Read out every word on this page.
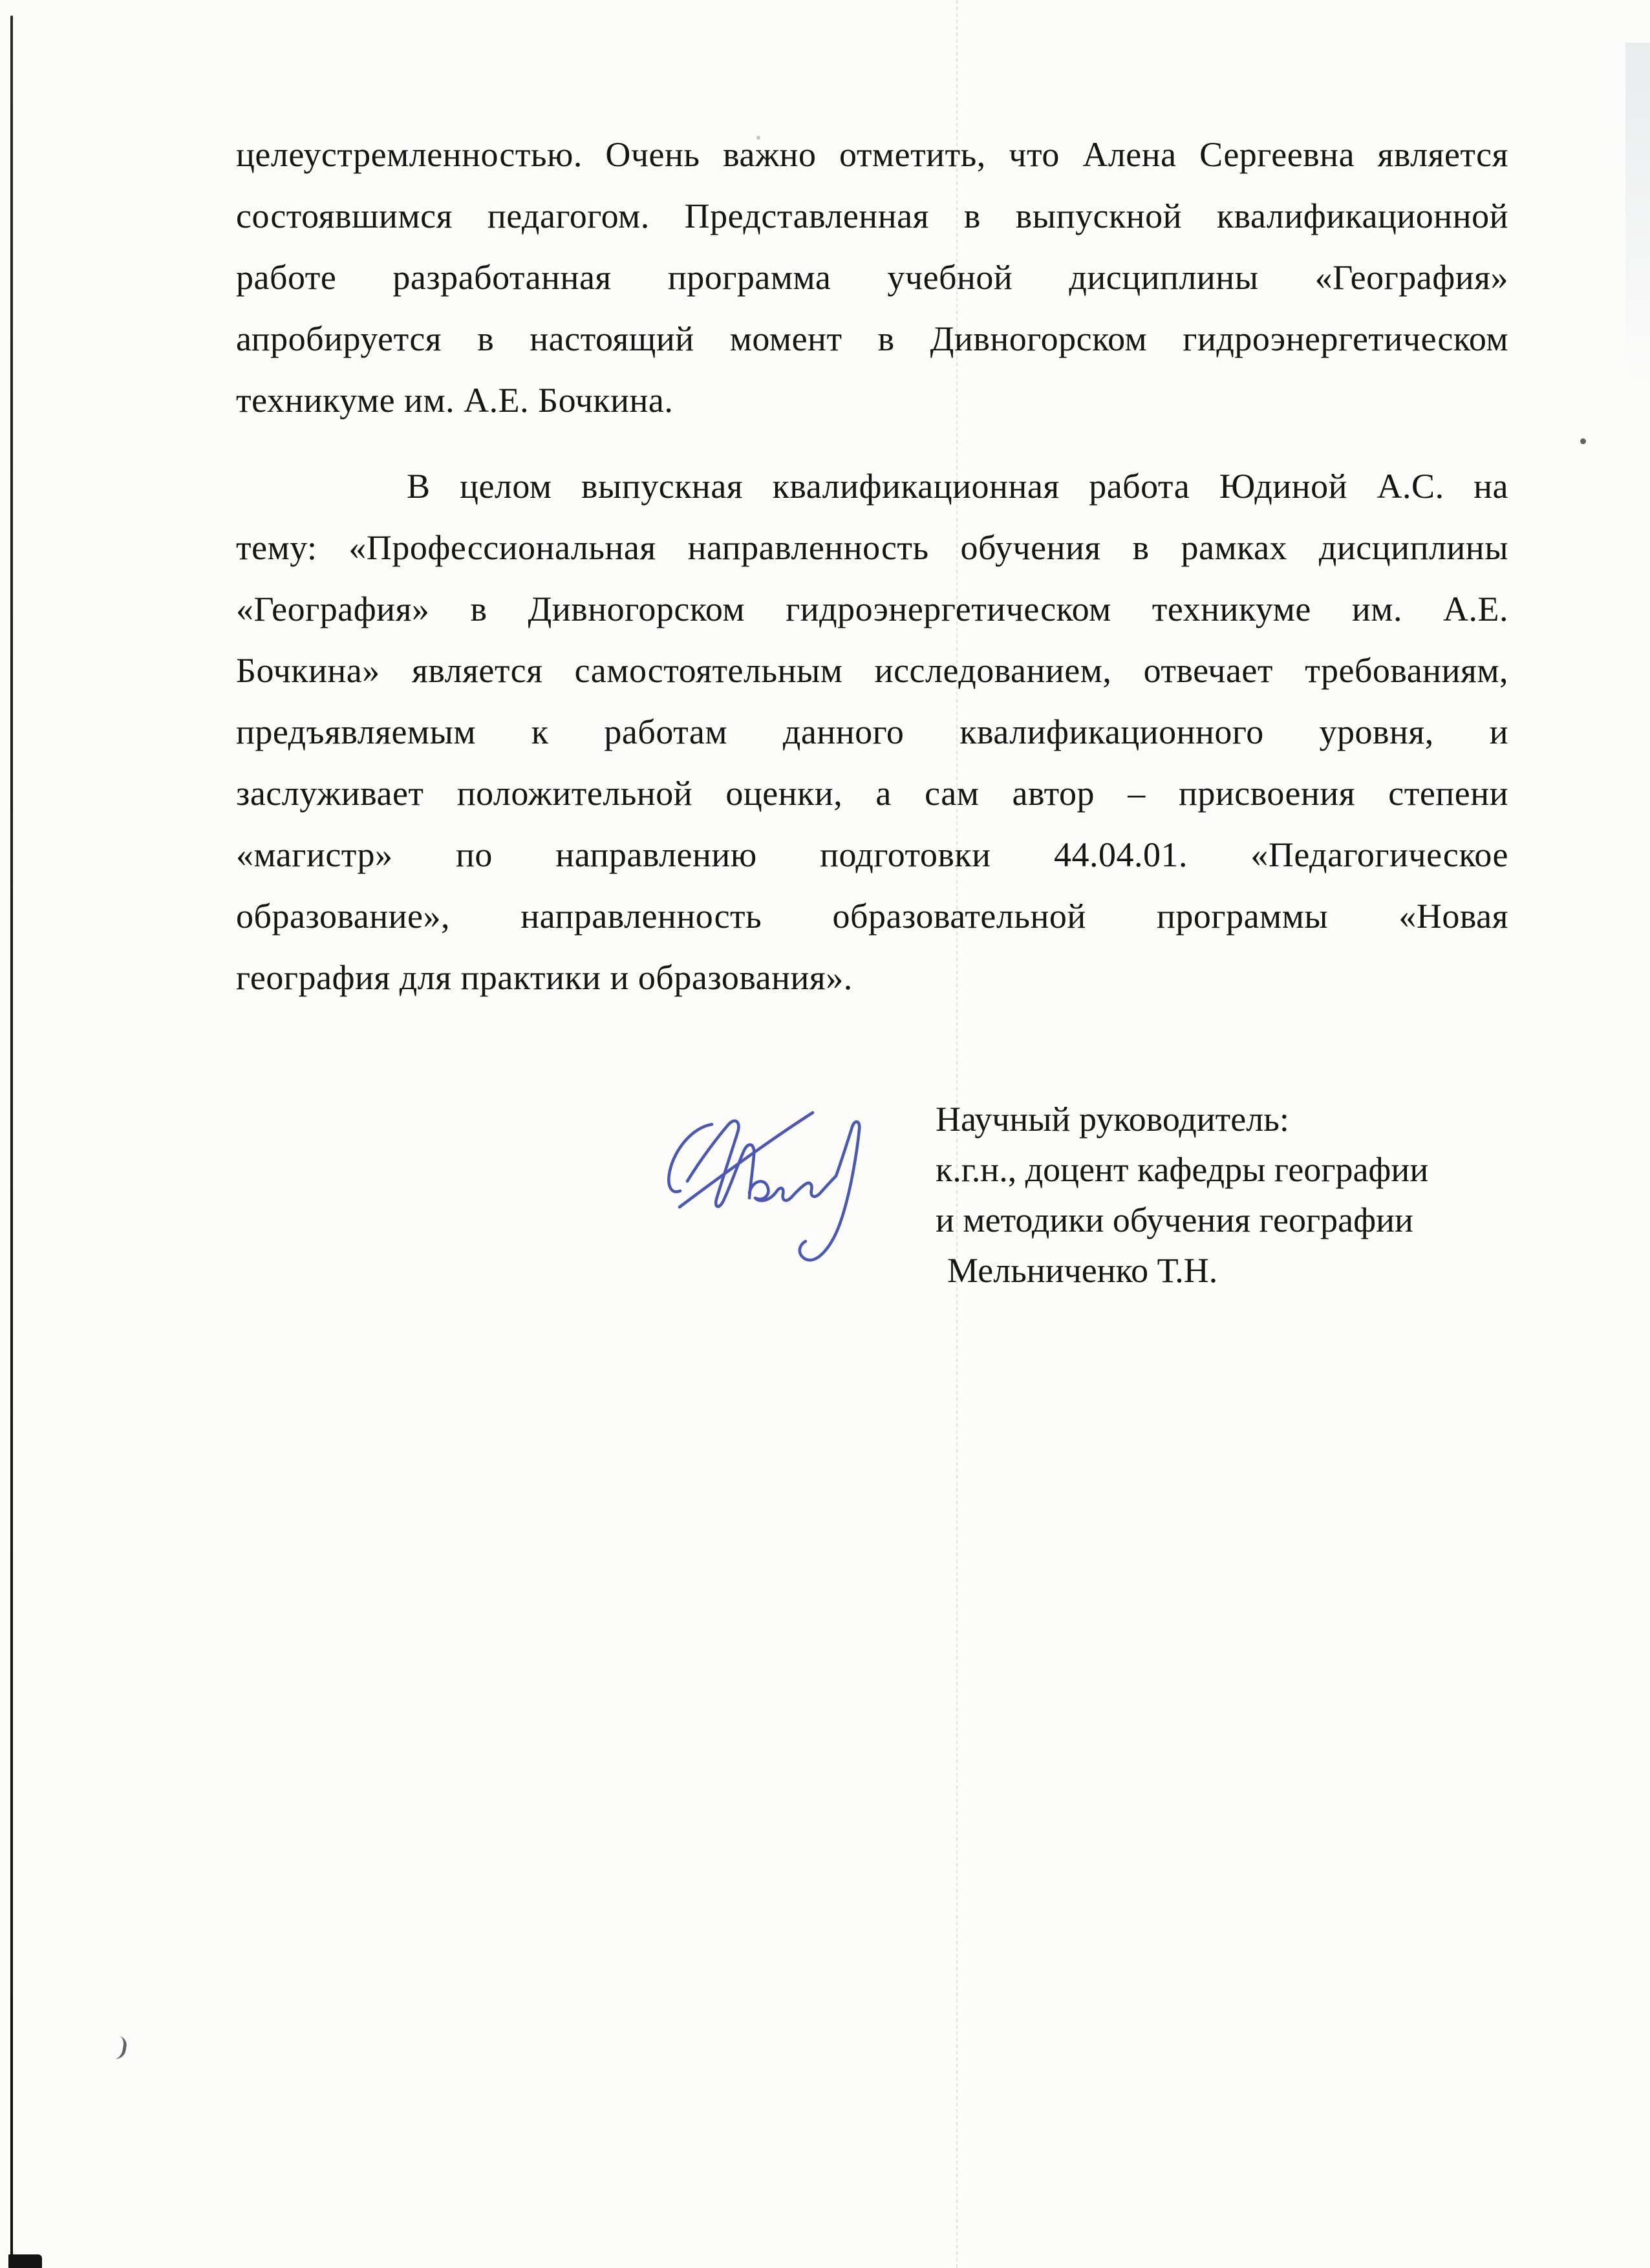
целеустремленностью. Очень важно отметить, что Алена Сергеевна является
состоявшимся педагогом. Представленная в выпускной квалификационной
работе разработанная программа учебной дисциплины «География»
апробируется в настоящий момент в Дивногорском гидроэнергетическом
техникуме им. А.Е. Бочкина.
В целом выпускная квалификационная работа Юдиной А.С. на
тему: «Профессиональная направленность обучения в рамках дисциплины
«География» в Дивногорском гидроэнергетическом техникуме им. А.Е.
Бочкина» является самостоятельным исследованием, отвечает требованиям,
предъявляемым к работам данного квалификационного уровня, и
заслуживает положительной оценки, а сам автор – присвоения степени
«магистр» по направлению подготовки 44.04.01. «Педагогическое
образование», направленность образовательной программы «Новая
география для практики и образования».
Научный руководитель:
к.г.н., доцент кафедры географии
и методики обучения географии
Мельниченко Т.Н.
